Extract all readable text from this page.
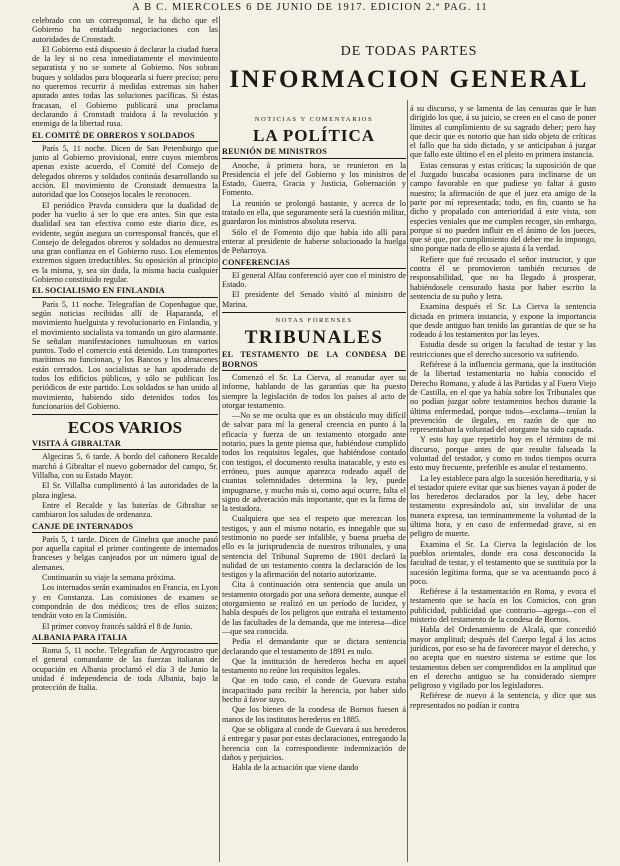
A B C. MIERCOLES 6 DE JUNIO DE 1917. EDICION 2.ª PAG. 11
DE TODAS PARTES
INFORMACION GENERAL

celebrado con un corresponsal, le ha dicho que el Gobierno ha entablado negociaciones con las autoridades de Cronstadt.

El Gobierno está dispuesto á declarar la ciudad fuera de la ley si no cesa inmediatamente el movimiento separatista y no se somete al Gobierno. Nos sobran buques y soldados para bloquearla si fuere preciso; pero no queremos recurrir á medidas extremas sin haber apurado antes todas las soluciones pacíficas. Si éstas fracasan, el Gobierno publicará una proclama declarando á Cronstadt traidora á la revolución y enemiga de la libertad rusa.

EL COMITÉ DE OBREROS Y SOLDADOS

París 5, 11 noche. Dicen de San Petersburgo que junto al Gobierno provisional, entre cuyos miembros apenas existe acuerdo, el Comité del Consejo de delegados obreros y soldados continúa desarrollando su acción. El movimiento de Cronstadt demuestra la autoridad que los Consejos locales le reconocen.

El periódico Pravda considera que la dualidad de poder ha vuelto á ser lo que era antes. Sin que esta dualidad sea tan efectiva como este diario dice, es evidente, según asegura un corresponsal francés, que el Consejo de delegados obreros y soldados no demuestra una gran confianza en el Gobierno ruso. Los elementos extremos siguen irreductibles. Su oposición al principio es la misma, y, sea sin duda, la misma hacia cualquier Gobierno constituído regular.

EL SOCIALISMO EN FINLANDIA

París 5, 11 noche. Telegrafían de Copenhague que, según noticias recibidas allí de Haparanda, el movimiento huelguista y revolucionario en Finlandia, y el movimiento socialista va tomando un giro alarmante. Se señalan manifestaciones tumultuosas en varios puntos. Todo el comercio está detenido. Los transportes marítimos no funcionan, y los Bancos y los almacenes están cerrados. Los socialistas se han apoderado de todos los edificios públicos, y sólo se publican los periódicos de este partido. Los soldados se han unido al movimiento, habiendo sido detenidos todos los funcionarios del Gobierno.

ECOS VARIOS
VISITA Á GIBRALTAR

Algeciras 5, 6 tarde. A bordo del cañonero Recalde marchó á Gibraltar el nuevo gobernador del campo, Sr. Villalba, con su Estado Mayor.

El Sr. Villalba cumplimentó á las autoridades de la plaza inglesa.

Entre el Recalde y las baterías de Gibraltar se cambiaron los saludos de ordenanza.

CANJE DE INTERNADOS

París 5, 1 tarde. Dicen de Ginebra que anoche pasó por aquella capital el primer contingente de internados franceses y belgas canjeados por un número igual de alemanes.

Continuarán su viaje la semana próxima.

Los internados serán examinados en Francia, en Lyon y en Constanza. Las comisiones de examen se compondrán de dos médicos; tres de ellos suizos; tendrán voto en la Comisión.

El primer convoy francés saldrá el 8 de Junio.

ALBANIA PARA ITALIA

Roma 5, 11 noche. Telegrafían de Argyrocastro que el general comandante de las fuerzas italianas de ocupación en Albania proclamó el día 3 de Junio la unidad é independencia de toda Albania, bajo la protección de Italia.

NOTICIAS Y COMENTARIOS
LA POLÍTICA
REUNIÓN DE MINISTROS

Anoche, á primera hora, se reunieron en la Presidencia el jefe del Gobierno y los ministros de Estado, Guerra, Gracia y Justicia, Gobernación y Fomento.

La reunión se prolongó bastante, y acerca de lo tratado en ella, que seguramente será la cuestión militar, guardaron los ministros absoluta reserva.

Sólo el de Fomento dijo que había ido allí para enterar al presidente de haberse solucionado la huelga de Peñarroya.

CONFERENCIAS

El general Alfau conferenció ayer con el ministro de Estado.

El presidente del Senado visitó al ministro de Marina.

NOTAS FORENSES
TRIBUNALES
EL TESTAMENTO DE LA CONDESA DE BORNOS

Comenzó el Sr. La Cierva, al reanudar ayer su informe, hablando de las garantías que ha puesto siempre la legislación de todos los países al acto de otorgar testamento.

—No se me oculta que es un obstáculo muy difícil de salvar para mí la general creencia en punto á la eficacia y fuerza de un testamento otorgado ante notario, pues la gente piensa que, habiéndose cumplido todos los requisitos legales, que habiéndose contado con testigos, el documento resulta inatacable, y esto es erróneo, pues aunque aparezca rodeado aquél de cuantas solemnidades determina la ley, puede impugnarse, y mucho más si, como aquí ocurre, falta el signo de adveración más importante, que es la firma de la testadora.

Cualquiera que sea el respeto que merezcan los testigos, y aun el mismo notario, es innegable que su testimonio no puede ser infalible, y buena prueba de ello es la jurisprudencia de nuestros tribunales, y una sentencia del Tribunal Supremo de 1901 declaró la nulidad de un testamento contra la declaración de los testigos y la afirmación del notario autorizante.

Cita á continuación otra sentencia que anula un testamento otorgado por una señora demente, aunque el otorgamiento se realizó en un período de lucidez, y habla después de los peligros que entraña el testamento de las facultades de la demanda, que me interesa—dice—que sea conocida.

Pedía el demandante que se dictara sentencia declarando que el testamento de 1891 es nulo.

Que la institución de herederos hecha en aquel testamento no reúne los requisitos legales.

Que en todo caso, el conde de Guevara estaba incapacitado para recibir la herencia, por haber sido hecho á favor suyo.

Que los bienes de la condesa de Bornos fuesen á manos de los institutos herederos en 1885.

Que se obligara al conde de Guevara á sus herederos á entregar y pasar por estas declaraciones, entregando la herencia con la correspondiente indemnización de daños y perjuicios.

Habla de la actuación que viene dando

á su discurso, y se lamenta de las censuras que le han dirigido los que, á su juicio, se creen en el caso de poner límites al cumplimiento de su sagrado deber; pero hay que decir que es notorio que han sido objeto de críticas el fallo que ha sido dictado, y se anticipaban á juzgar que fallo este último el en el pleito en primera instancia.

Estas censuras y estas críticas; la suposición de que el Juzgado buscaba ocasiones para inclinarse de un campo favorable en que pudiese yo faltar á gusto nuestro; la afirmación de que el juez era amigo de la parte por mí representada; todo, en fin, cuanto se ha dicho y propalado con anterioridad á este vista, son especies veniales que me cumplen recoger, sin embargo, porque si no pueden influir en el ánimo de los jueces, que sé que, por cumplimiento del deber me lo impongo, sino porque nada de ello se ajusta á la verdad.

Refiere que fué recusado el señor instructor, y que contra él se promovieron también recursos de responsabilidad, que no ha llegado á prosperar, habiéndosele censurado hasta por haber escrito la sentencia de su puño y letra.

Examina después el Sr. La Cierva la sentencia dictada en primera instancia, y expone la importancia que desde antiguo han tenido las garantías de que se ha rodeado á los testamentos por las leyes.

Estudia desde su origen la facultad de testar y las restricciones que el derecho sucesorio va sufriendo.

Refiérese á la influencia germana, que la institución de la libertad testamentaria no había conocido el Derecho Romano, y alude á las Partidas y al Fuero Viejo de Castilla, en el que ya había sobre los Tribunales que no podían juzgar sobre testamentos hechos durante la última enfermedad, porque todos—exclama—tenían la prevención de ilegales, en razón de que no representaban la voluntad del otorgante ha sido captada.

Y esto hay que repetirlo hoy en el término de mi discurso, porque antes de que resulte falseada la voluntad del testador, y como en todos tiempos ocurra esto muy frecuente, preferible es anular el testamento.

La ley establece para algo la sucesión hereditaria, y si el testador quiere evitar que sus bienes vayan á poder de los herederos declarados por la ley, debe hacer testamento expresándolo así, sin invalidar de una manera expresa, tan terminantemente la voluntad de la última hora, y en caso de enfermedad grave, si en peligro de muerte.

Examina el Sr. La Cierva la legislación de los pueblos orientales, donde era cosa desconocida la facultad de testar, y el testamento que se sustituía por la sucesión legítima forma, que se va acentuando poco á poco.

Refiérese á la testamentación en Roma, y evoca el testamento que se hacía en los Comicios, con gran publicidad, publicidad que contrario—agrega—con el misterio del testamento de la condesa de Bornos.

Habla del Ordenamiento de Alcalá, que concedió mayor amplitud; después del Cuerpo legal á los actos jurídicos, por eso se ha de favorecer mayor el derecho, y no acepta que en nuestro sistema se estime que los testamentos deben ser comprendidos en la amplitud que en el derecho antiguo se ha considerado siempre peligroso y vigilado por los legisladores.

Refiérese de nuevo á la sentencia, y dice que sus representados no podían ir contra
